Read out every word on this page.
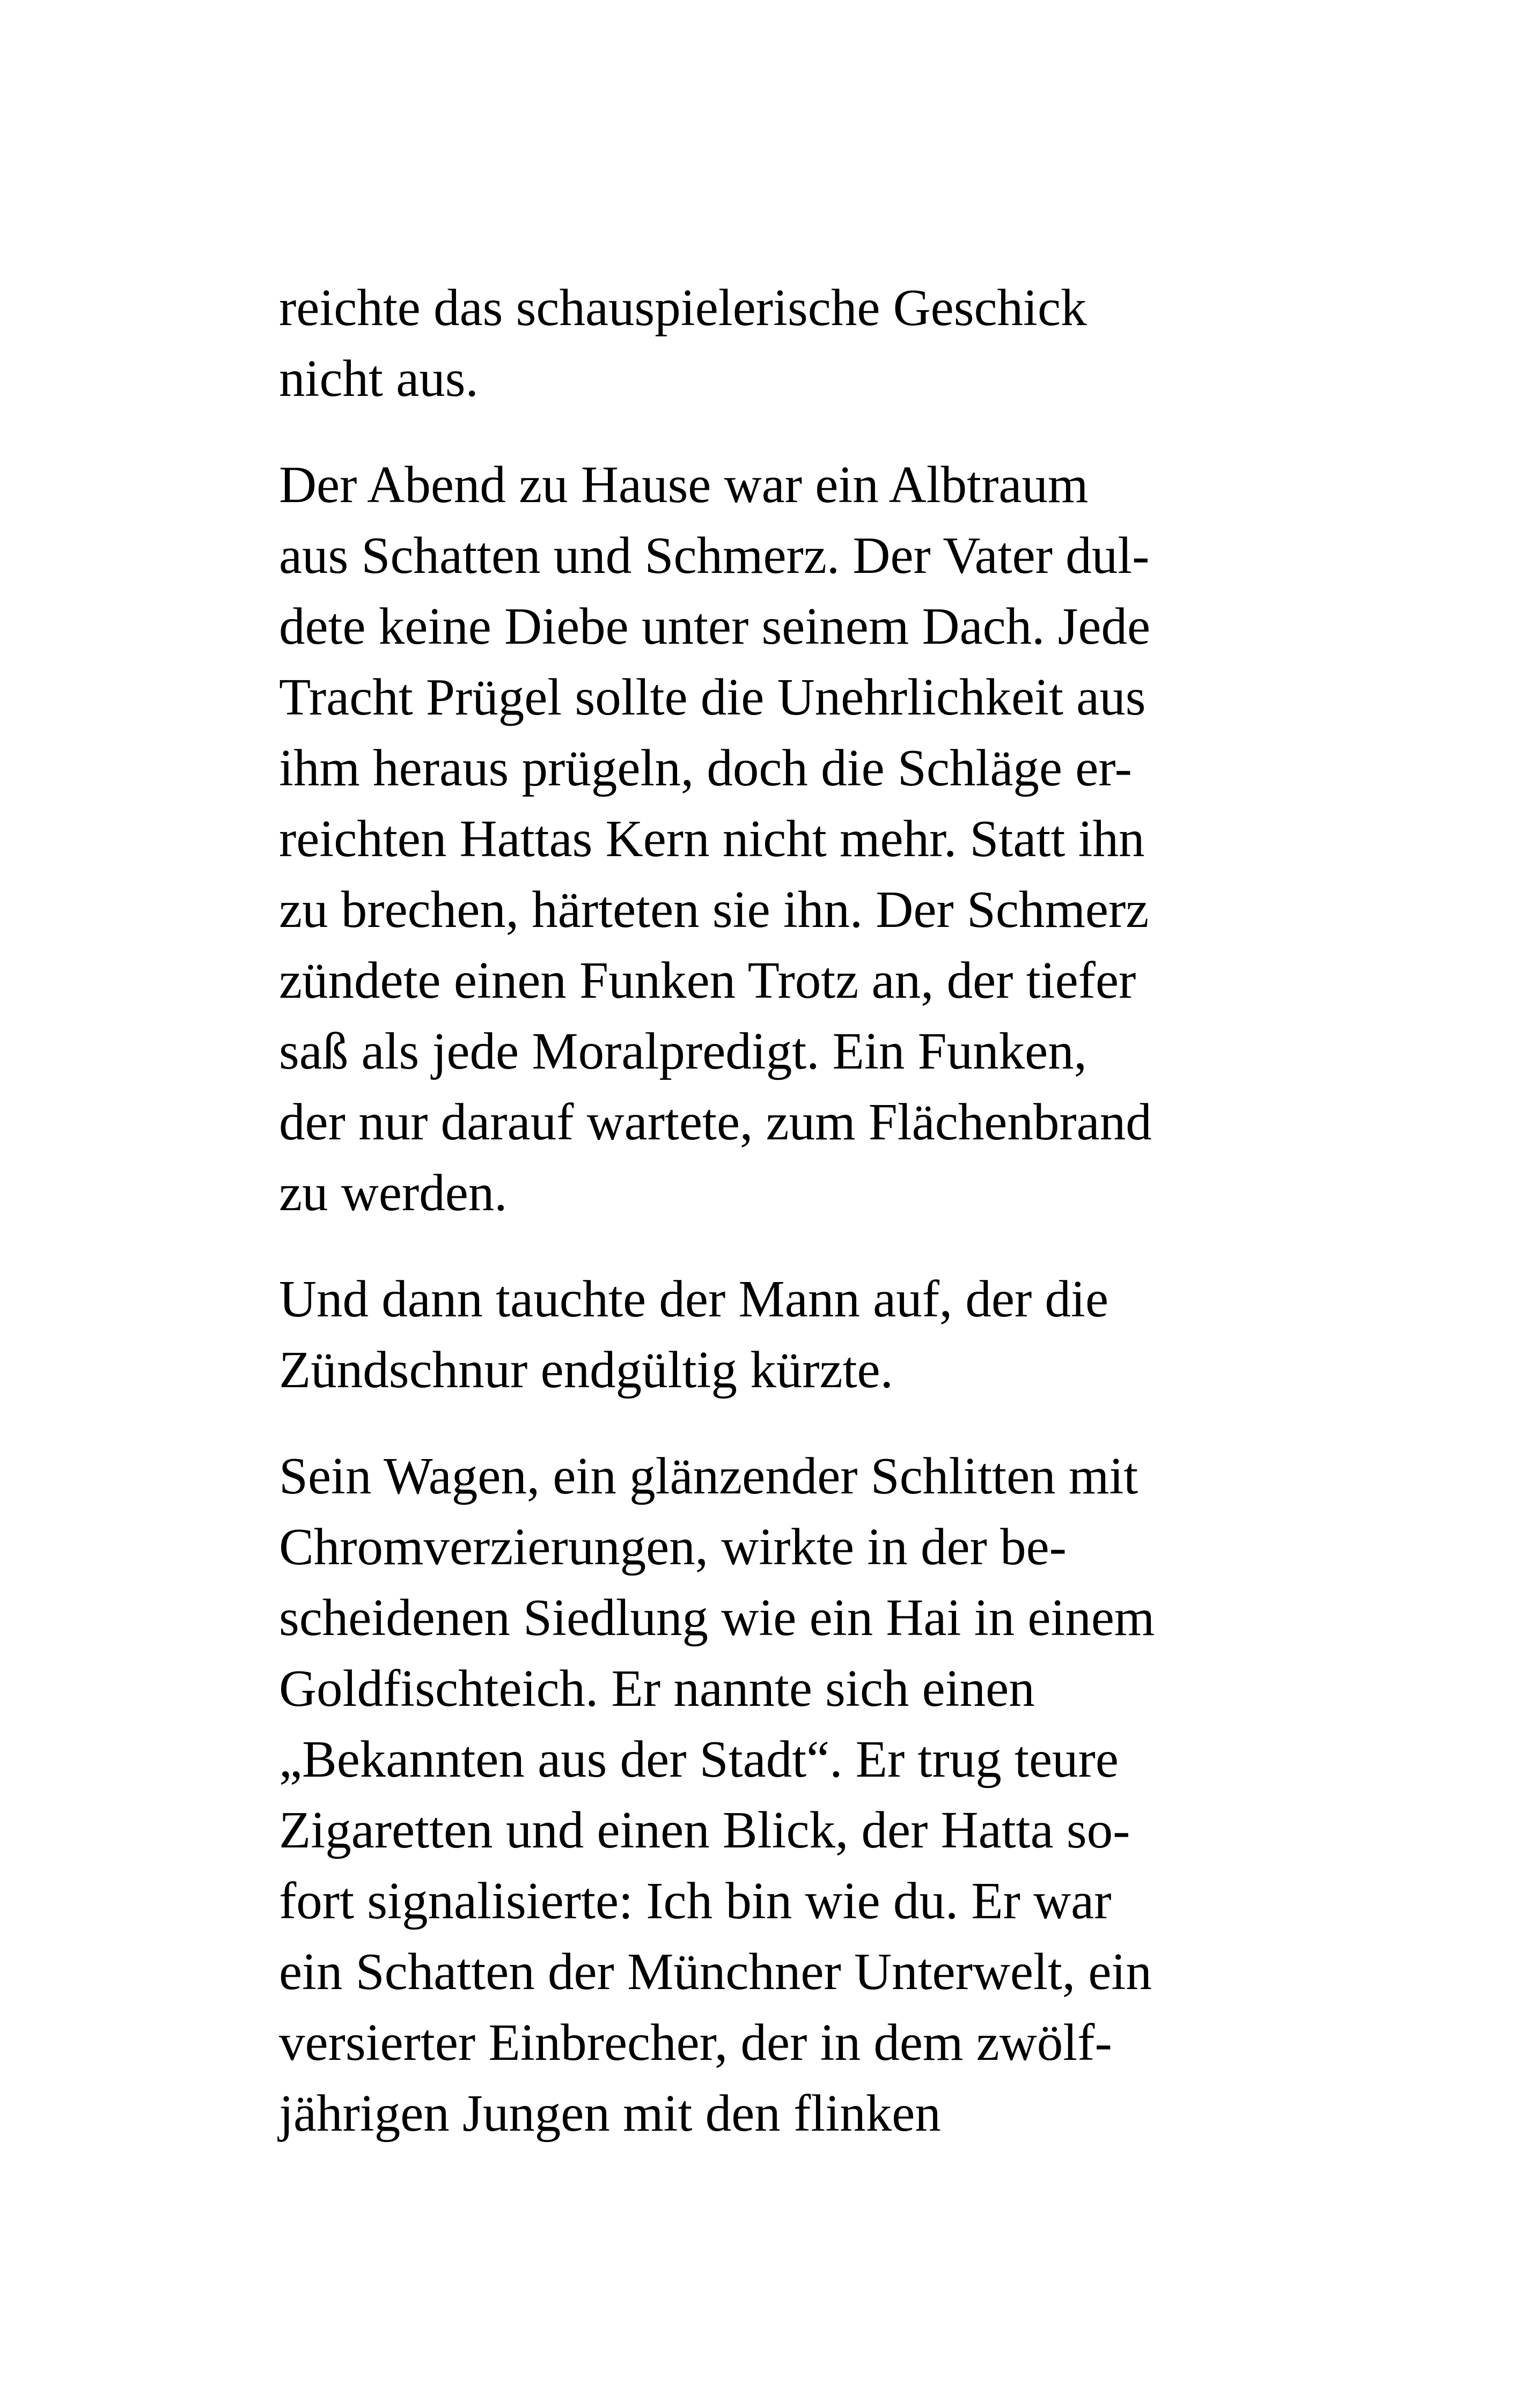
reichte das schauspielerische Geschick
nicht aus.

Der Abend zu Hause war ein Albtraum
aus Schatten und Schmerz. Der Vater dul-
dete keine Diebe unter seinem Dach. Jede
Tracht Prügel sollte die Unehrlichkeit aus
ihm heraus prügeln, doch die Schläge er-
reichten Hattas Kern nicht mehr. Statt ihn
zu brechen, härteten sie ihn. Der Schmerz
zündete einen Funken Trotz an, der tiefer
saß als jede Moralpredigt. Ein Funken,
der nur darauf wartete, zum Flächenbrand
zu werden.

Und dann tauchte der Mann auf, der die
Zündschnur endgültig kürzte.

Sein Wagen, ein glänzender Schlitten mit
Chromverzierungen, wirkte in der be-
scheidenen Siedlung wie ein Hai in einem
Goldfischteich. Er nannte sich einen
„Bekannten aus der Stadt“. Er trug teure
Zigaretten und einen Blick, der Hatta so-
fort signalisierte: Ich bin wie du. Er war
ein Schatten der Münchner Unterwelt, ein
versierter Einbrecher, der in dem zwölf-
jährigen Jungen mit den flinken
